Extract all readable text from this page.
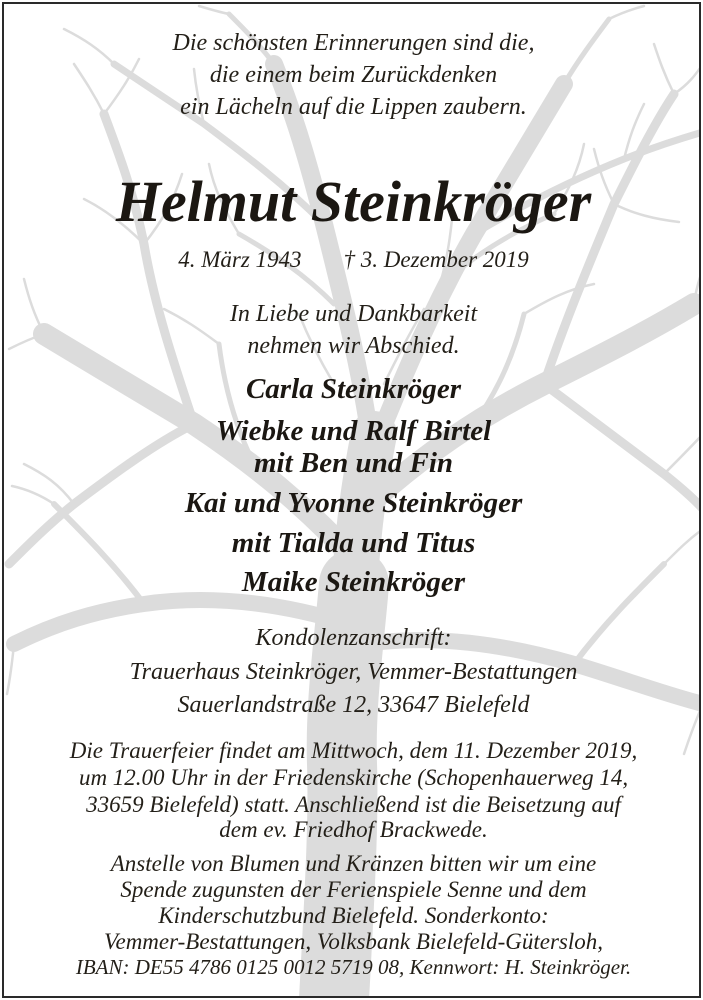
Die schönsten Erinnerungen sind die,

die einem beim Zurückdenken

ein Lächeln auf die Lippen zaubern.

Helmut Steinkröger

4. März 1943 † 3. Dezember 2019

In Liebe und Dankbarkeit

nehmen wir Abschied.

Carla Steinkröger

Wiebke und Ralf Birtel

mit Ben und Fin

Kai und Yvonne Steinkröger

mit Tialda und Titus

Maike Steinkröger

Kondolenzanschrift:

Trauerhaus Steinkröger, Vemmer-Bestattungen

Sauerlandstraße 12, 33647 Bielefeld

Die Trauerfeier findet am Mittwoch, dem 11. Dezember 2019,

um 12.00 Uhr in der Friedenskirche (Schopenhauerweg 14,

33659 Bielefeld) statt. Anschließend ist die Beisetzung auf

dem ev. Friedhof Brackwede.

Anstelle von Blumen und Kränzen bitten wir um eine

Spende zugunsten der Ferienspiele Senne und dem

Kinderschutzbund Bielefeld. Sonderkonto:

Vemmer-Bestattungen, Volksbank Bielefeld-Gütersloh,

IBAN: DE55 4786 0125 0012 5719 08, Kennwort: H. Steinkröger.
